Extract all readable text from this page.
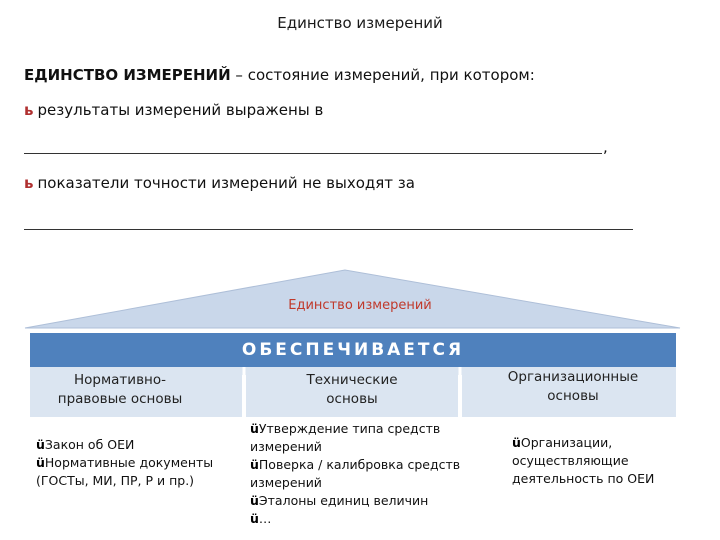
Единство измерений
ЕДИНСТВО ИЗМЕРЕНИЙ – состояние измерений, при котором:
ь результаты измерений выражены в
,
ь показатели точности измерений не выходят за
Единство измерений
ОБЕСПЕЧИВАЕТСЯ
Нормативно-
правовые основы
Технические
основы
Организационные
основы
üЗакон об ОЕИ
üНормативные документы
(ГОСТы, МИ, ПР, Р и пр.)
üУтверждение типа средств
измерений
üПоверка / калибровка средств
измерений
üЭталоны единиц величин
ü…
üОрганизации,
осуществляющие
деятельность по ОЕИ
